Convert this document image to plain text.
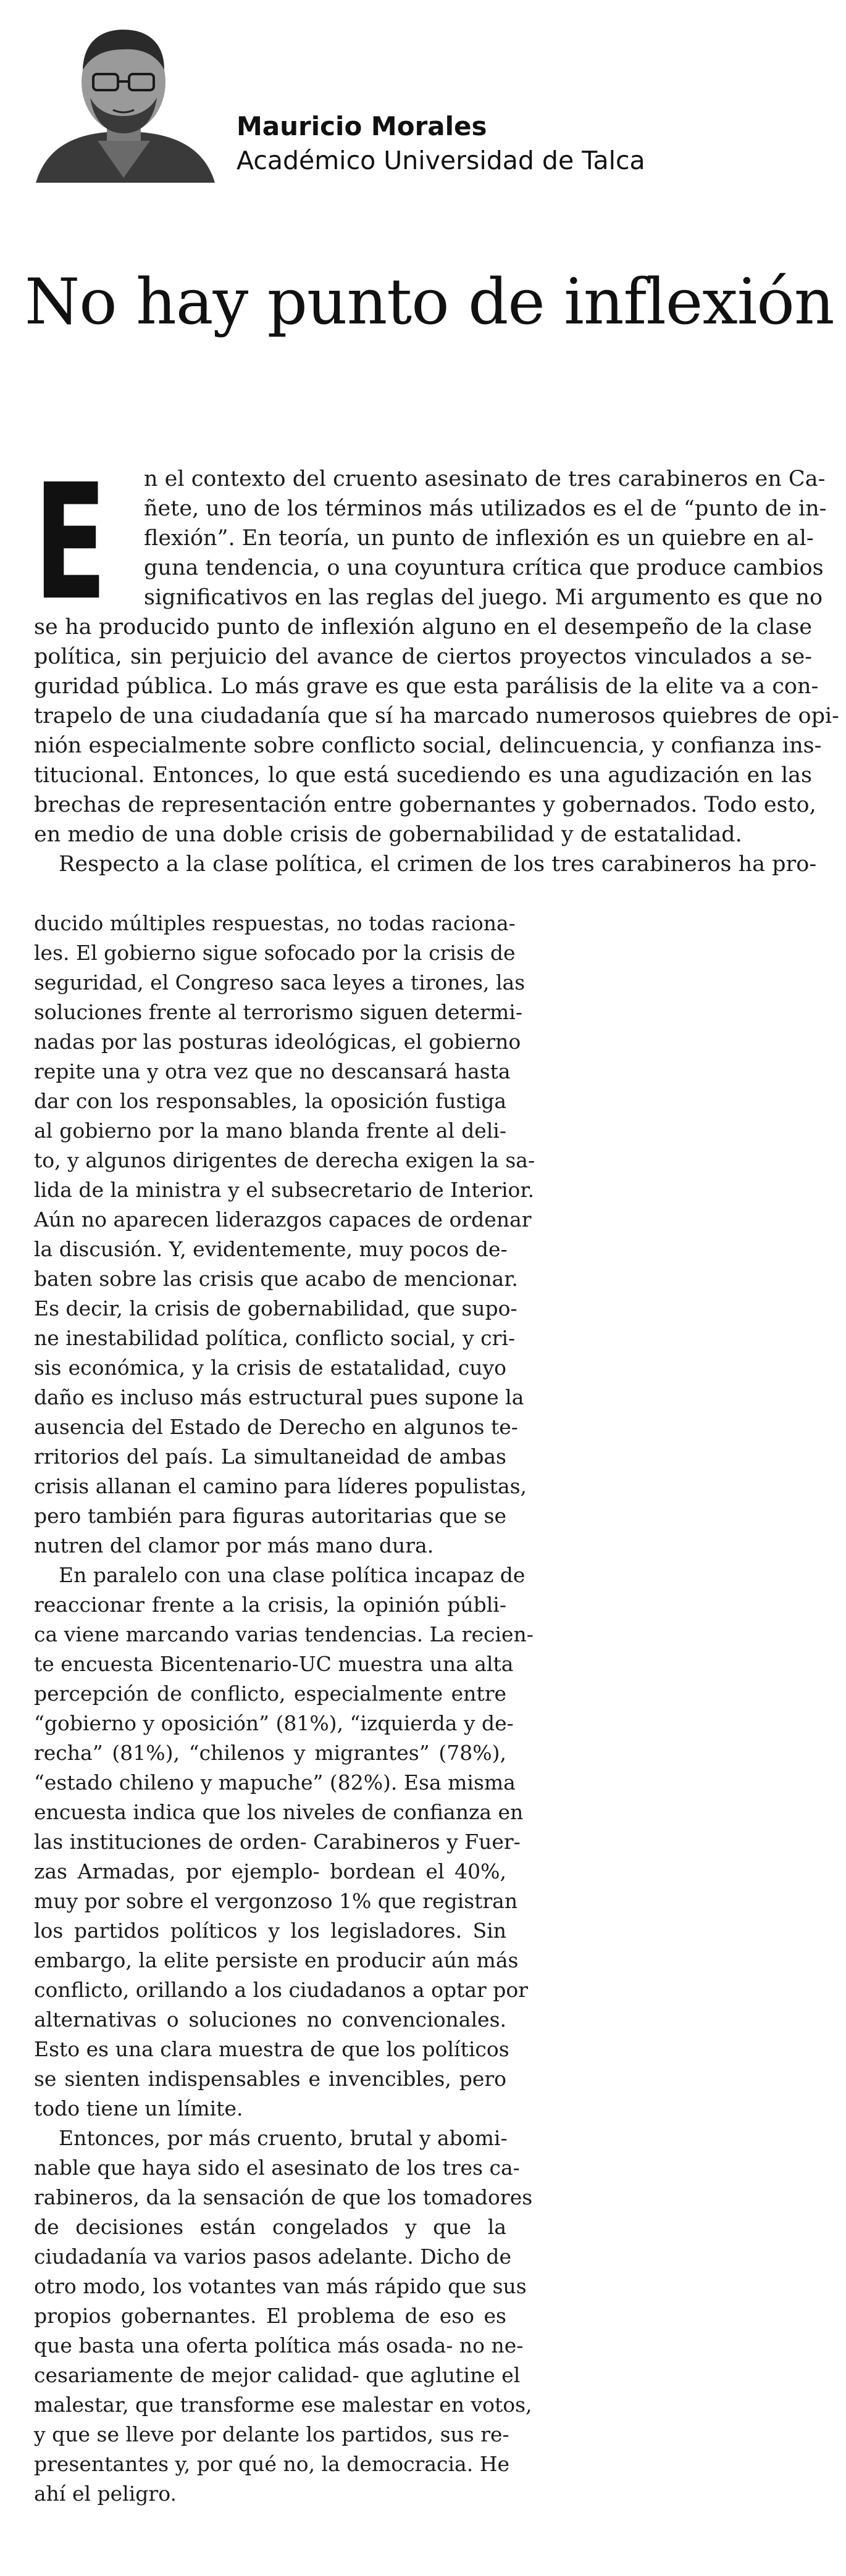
Mauricio Morales
Académico Universidad de Talca
No hay punto de inflexión
E n el contexto del cruento asesinato de tres carabineros en Ca-
ñete, uno de los términos más utilizados es el de “punto de in-
flexión”. En teoría, un punto de inflexión es un quiebre en al-
guna tendencia, o una coyuntura crítica que produce cambios
significativos en las reglas del juego. Mi argumento es que no
se ha producido punto de inflexión alguno en el desempeño de la clase
política, sin perjuicio del avance de ciertos proyectos vinculados a se-
guridad pública. Lo más grave es que esta parálisis de la elite va a con-
trapelo de una ciudadanía que sí ha marcado numerosos quiebres de opi-
nión especialmente sobre conflicto social, delincuencia, y confianza ins-
titucional. Entonces, lo que está sucediendo es una agudización en las
brechas de representación entre gobernantes y gobernados. Todo esto,
en medio de una doble crisis de gobernabilidad y de estatalidad.
Respecto a la clase política, el crimen de los tres carabineros ha pro-
ducido múltiples respuestas, no todas raciona-
les. El gobierno sigue sofocado por la crisis de
seguridad, el Congreso saca leyes a tirones, las
soluciones frente al terrorismo siguen determi-
nadas por las posturas ideológicas, el gobierno
repite una y otra vez que no descansará hasta
dar con los responsables, la oposición fustiga
al gobierno por la mano blanda frente al deli-
to, y algunos dirigentes de derecha exigen la sa-
lida de la ministra y el subsecretario de Interior.
Aún no aparecen liderazgos capaces de ordenar
la discusión. Y, evidentemente, muy pocos de-
baten sobre las crisis que acabo de mencionar.
Es decir, la crisis de gobernabilidad, que supo-
ne inestabilidad política, conflicto social, y cri-
sis económica, y la crisis de estatalidad, cuyo
daño es incluso más estructural pues supone la
ausencia del Estado de Derecho en algunos te-
rritorios del país. La simultaneidad de ambas
crisis allanan el camino para líderes populistas,
pero también para figuras autoritarias que se
nutren del clamor por más mano dura.
En paralelo con una clase política incapaz de
reaccionar frente a la crisis, la opinión públi-
ca viene marcando varias tendencias. La recien-
te encuesta Bicentenario-UC muestra una alta
percepción de conflicto, especialmente entre
“gobierno y oposición” (81%), “izquierda y de-
recha” (81%), “chilenos y migrantes” (78%),
“estado chileno y mapuche” (82%). Esa misma
encuesta indica que los niveles de confianza en
las instituciones de orden- Carabineros y Fuer-
zas Armadas, por ejemplo- bordean el 40%,
muy por sobre el vergonzoso 1% que registran
los partidos políticos y los legisladores. Sin
embargo, la elite persiste en producir aún más
conflicto, orillando a los ciudadanos a optar por
alternativas o soluciones no convencionales.
Esto es una clara muestra de que los políticos
se sienten indispensables e invencibles, pero
todo tiene un límite.
Entonces, por más cruento, brutal y abomi-
nable que haya sido el asesinato de los tres ca-
rabineros, da la sensación de que los tomadores
de decisiones están congelados y que la
ciudadanía va varios pasos adelante. Dicho de
otro modo, los votantes van más rápido que sus
propios gobernantes. El problema de eso es
que basta una oferta política más osada- no ne-
cesariamente de mejor calidad- que aglutine el
malestar, que transforme ese malestar en votos,
y que se lleve por delante los partidos, sus re-
presentantes y, por qué no, la democracia. He
ahí el peligro.
